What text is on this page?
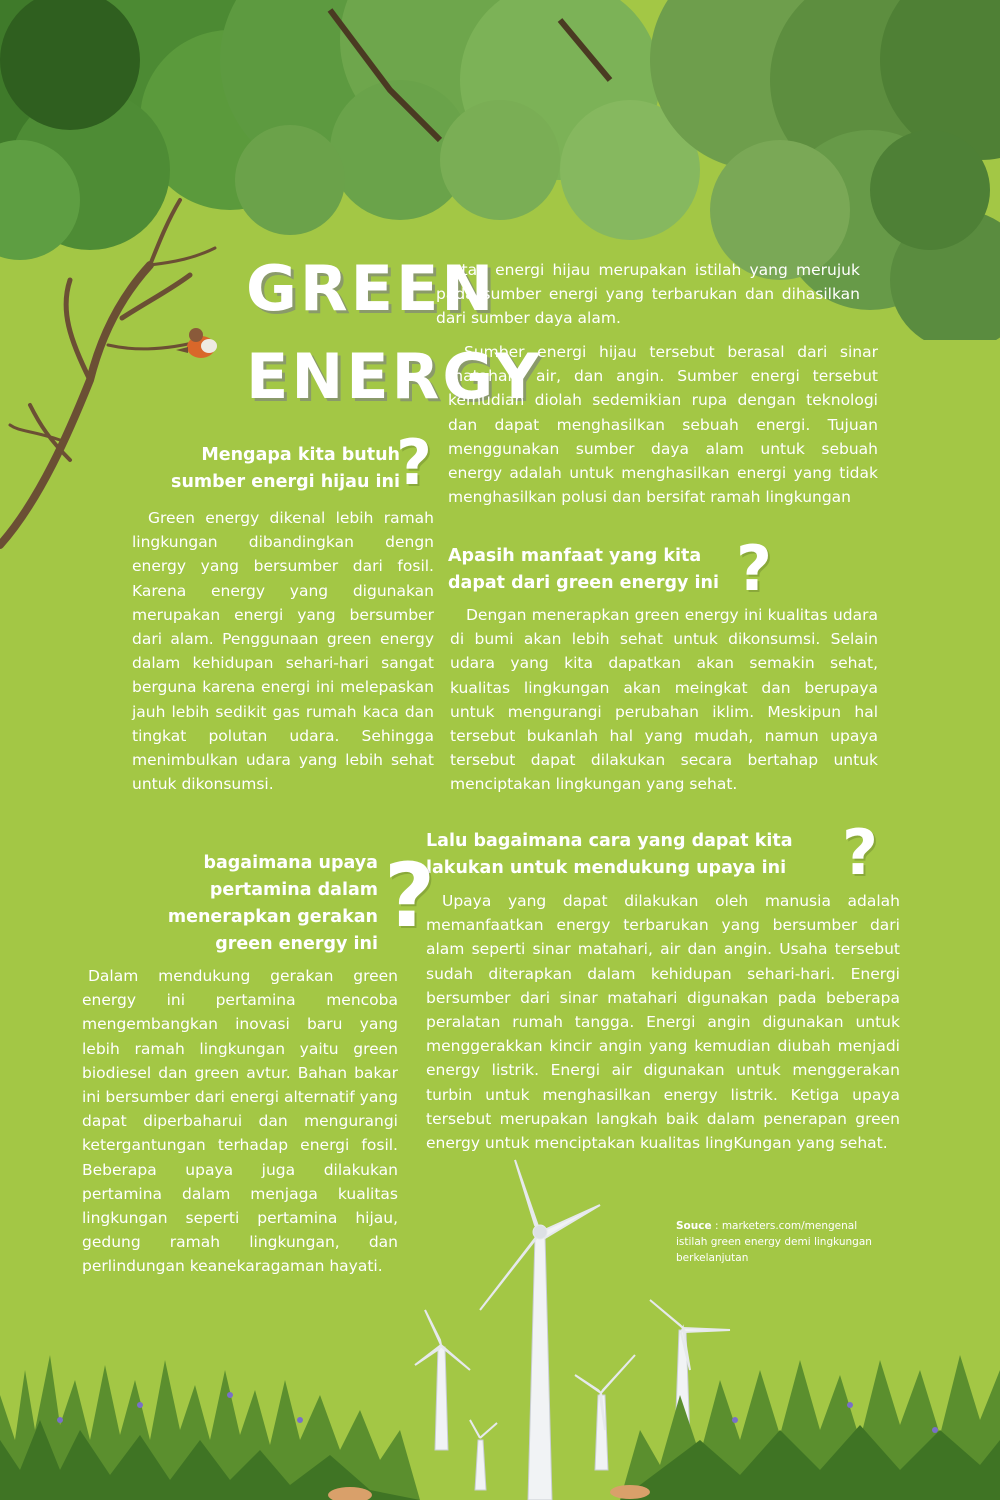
GREEN
ENERGY

atau energi hijau merupakan istilah yang merujuk pada sumber energi yang terbarukan dan dihasilkan dari sumber daya alam.

Sumber energi hijau tersebut berasal dari sinar matahari, air, dan angin. Sumber energi tersebut kemudian diolah sedemikian rupa dengan teknologi dan dapat menghasilkan sebuah energi. Tujuan menggunakan sumber daya alam untuk sebuah energy adalah untuk menghasilkan energi yang tidak menghasilkan polusi dan bersifat ramah lingkungan

Mengapa kita butuh sumber energi hijau ini
?

Green energy dikenal lebih ramah lingkungan dibandingkan dengn energy yang bersumber dari fosil. Karena energy yang digunakan merupakan energi yang bersumber dari alam. Penggunaan green energy dalam kehidupan sehari-hari sangat berguna karena energi ini melepaskan jauh lebih sedikit gas rumah kaca dan tingkat polutan udara. Sehingga menimbulkan udara yang lebih sehat untuk dikonsumsi.

Apasih manfaat yang kita dapat dari green energy ini ?

Dengan menerapkan green energy ini kualitas udara di bumi akan lebih sehat untuk dikonsumsi. Selain udara yang kita dapatkan akan semakin sehat, kualitas lingkungan akan meingkat dan berupaya untuk mengurangi perubahan iklim. Meskipun hal tersebut bukanlah hal yang mudah, namun upaya tersebut dapat dilakukan secara bertahap untuk menciptakan lingkungan yang sehat.

Lalu bagaimana cara yang dapat kita lakukan untuk mendukung upaya ini ?

Upaya yang dapat dilakukan oleh manusia adalah memanfaatkan energy terbarukan yang bersumber dari alam seperti sinar matahari, air dan angin. Usaha tersebut sudah diterapkan dalam kehidupan sehari-hari. Energi bersumber dari sinar matahari digunakan pada beberapa peralatan rumah tangga. Energi angin digunakan untuk menggerakkan kincir angin yang kemudian diubah menjadi energy listrik. Energi air digunakan untuk menggerakan turbin untuk menghasilkan energy listrik. Ketiga upaya tersebut merupakan langkah baik dalam penerapan green energy untuk menciptakan kualitas lingKungan yang sehat.

bagaimana upaya pertamina dalam menerapkan gerakan green energy ini ?

Dalam mendukung gerakan green energy ini pertamina mencoba mengembangkan inovasi baru yang lebih ramah lingkungan yaitu green biodiesel dan green avtur. Bahan bakar ini bersumber dari energi alternatif yang dapat diperbaharui dan mengurangi ketergantungan terhadap energi fosil. Beberapa upaya juga dilakukan pertamina dalam menjaga kualitas lingkungan seperti pertamina hijau, gedung ramah lingkungan, dan perlindungan keanekaragaman hayati.

Souce : marketers.com/mengenal istilah green energy demi lingkungan berkelanjutan
